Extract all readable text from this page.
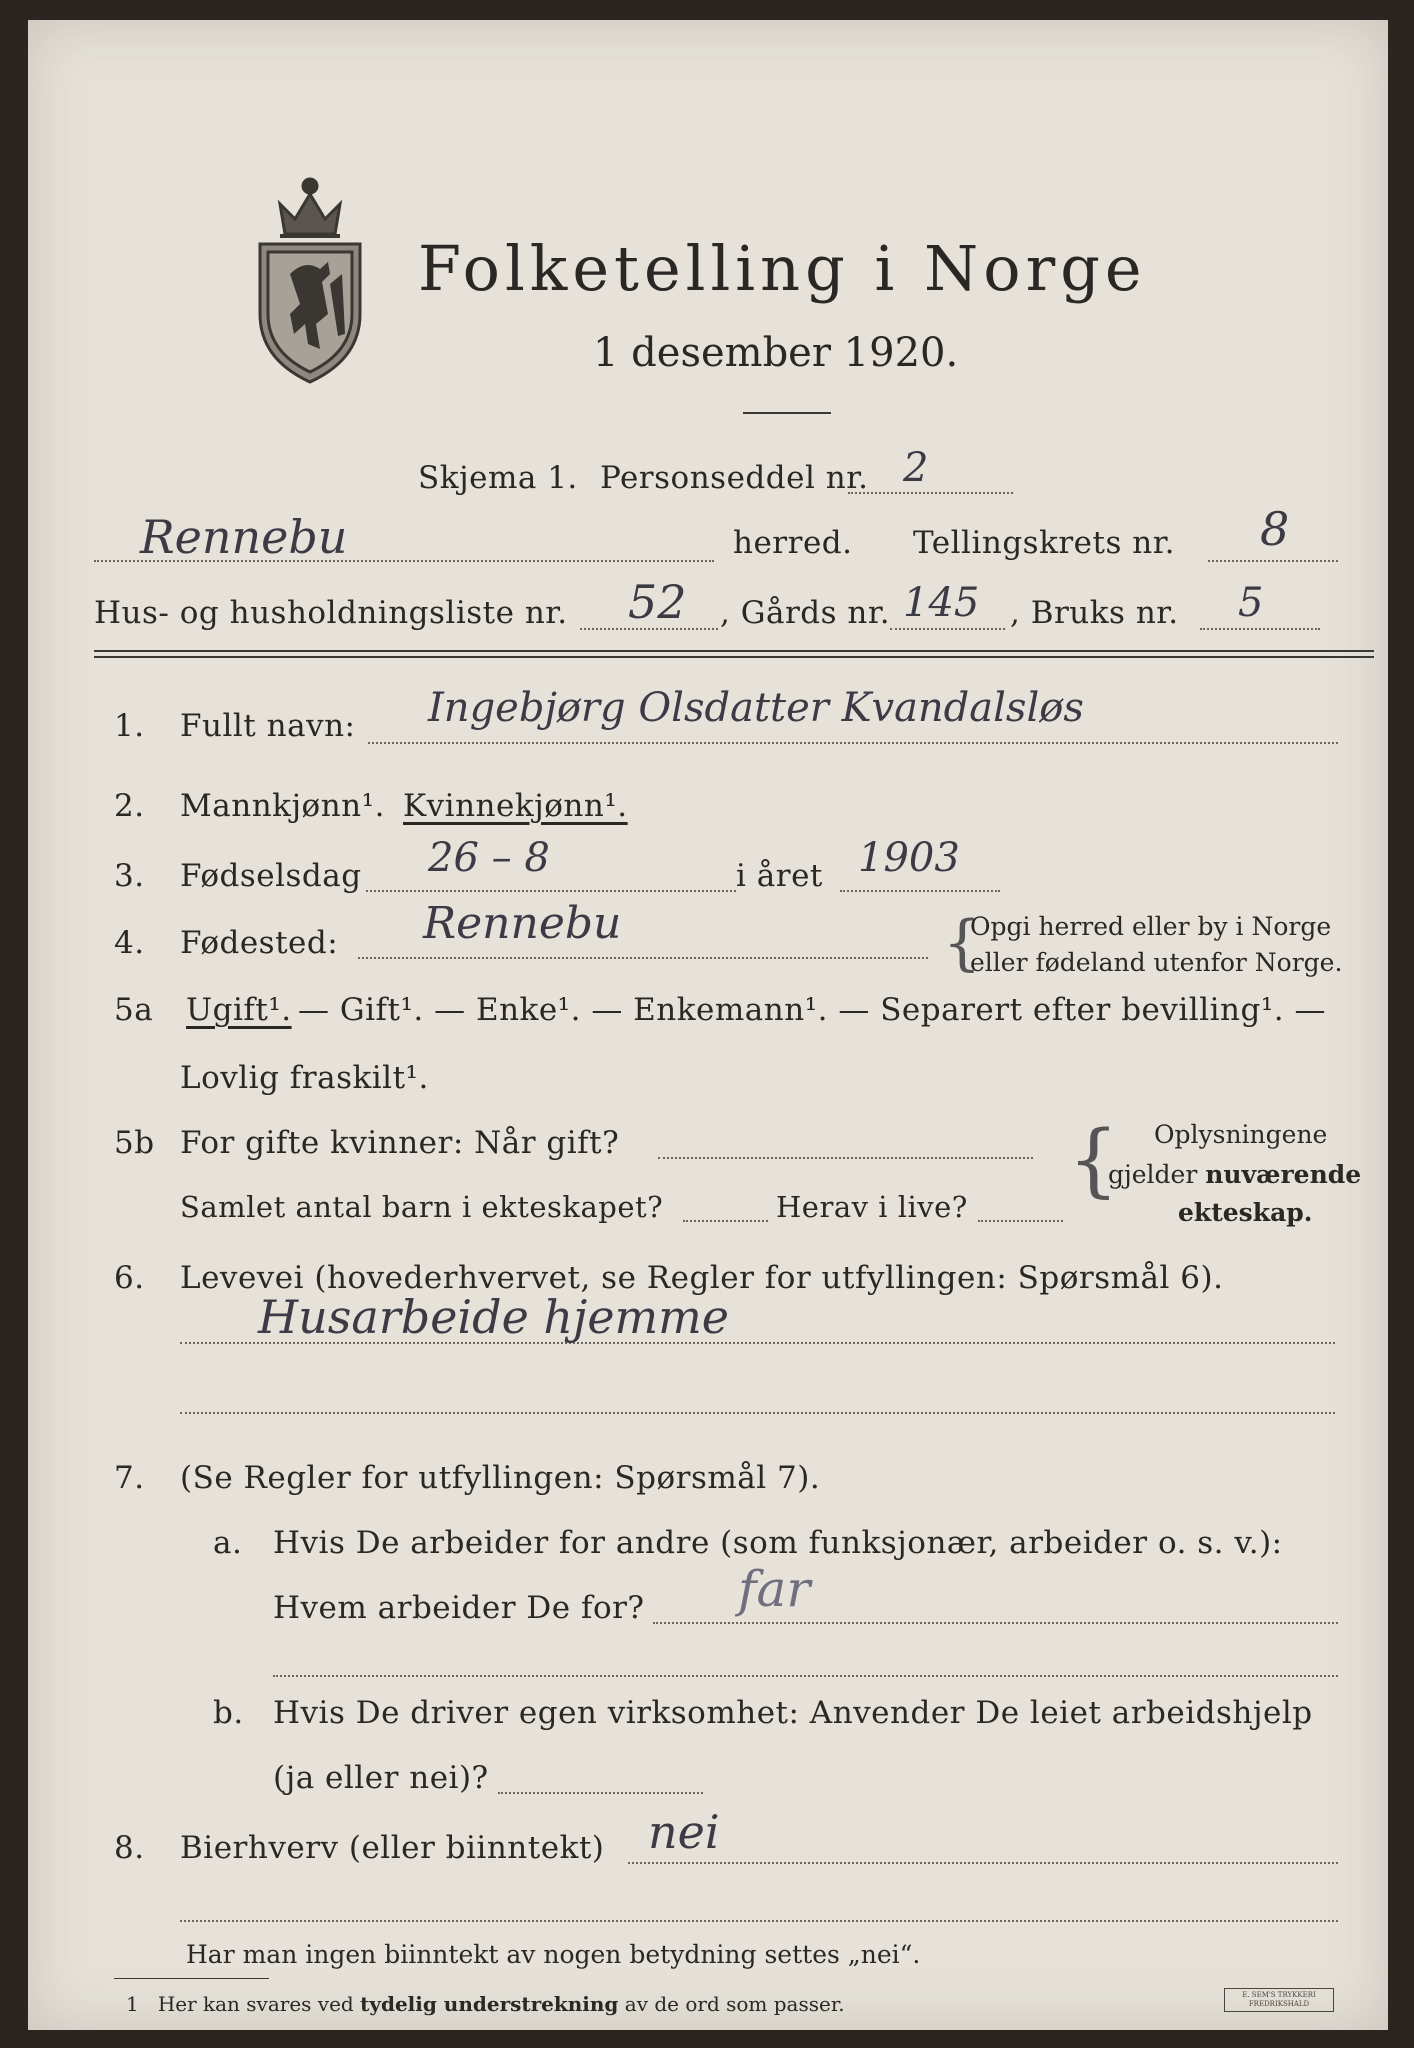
Folketelling i Norge
1 desember 1920.
Skjema 1. Personseddel nr. 2
Rennebu	herred. Tellingskrets nr. 8
Hus- og husholdningsliste nr. 52 , Gårds nr. 145 , Bruks nr. 5
1. Fullt navn: Ingebjørg Olsdatter Kvandalsløs
2. Mannkjønn¹. Kvinnekjønn¹.
3. Fødselsdag 26 – 8	i året 1903
4. Fødested: Rennebu	{
Opgi herred eller by i Norge
eller fødeland utenfor Norge.
5a Ugift¹. — Gift¹. — Enke¹. — Enkemann¹. — Separert efter bevilling¹. —
Lovlig fraskilt¹.
5b For gifte kvinner: Når gift?
Samlet antal barn i ekteskapet?	Herav i live?
{ Oplysningene
gjelder nuværende
ekteskap.
6. Levevei (hovederhvervet, se Regler for utfyllingen: Spørsmål 6).
Husarbeide hjemme
7. (Se Regler for utfyllingen: Spørsmål 7).
a. Hvis De arbeider for andre (som funksjonær, arbeider o. s. v.):
Hvem arbeider De for? far
b. Hvis De driver egen virksomhet: Anvender De leiet arbeidshjelp
(ja eller nei)?
8. Bierhverv (eller biinntekt) nei
Har man ingen biinntekt av nogen betydning settes „nei“.
1 Her kan svares ved tydelig understrekning av de ord som passer.	E. SEM'S TRYKKERI FREDRIKSHALD
